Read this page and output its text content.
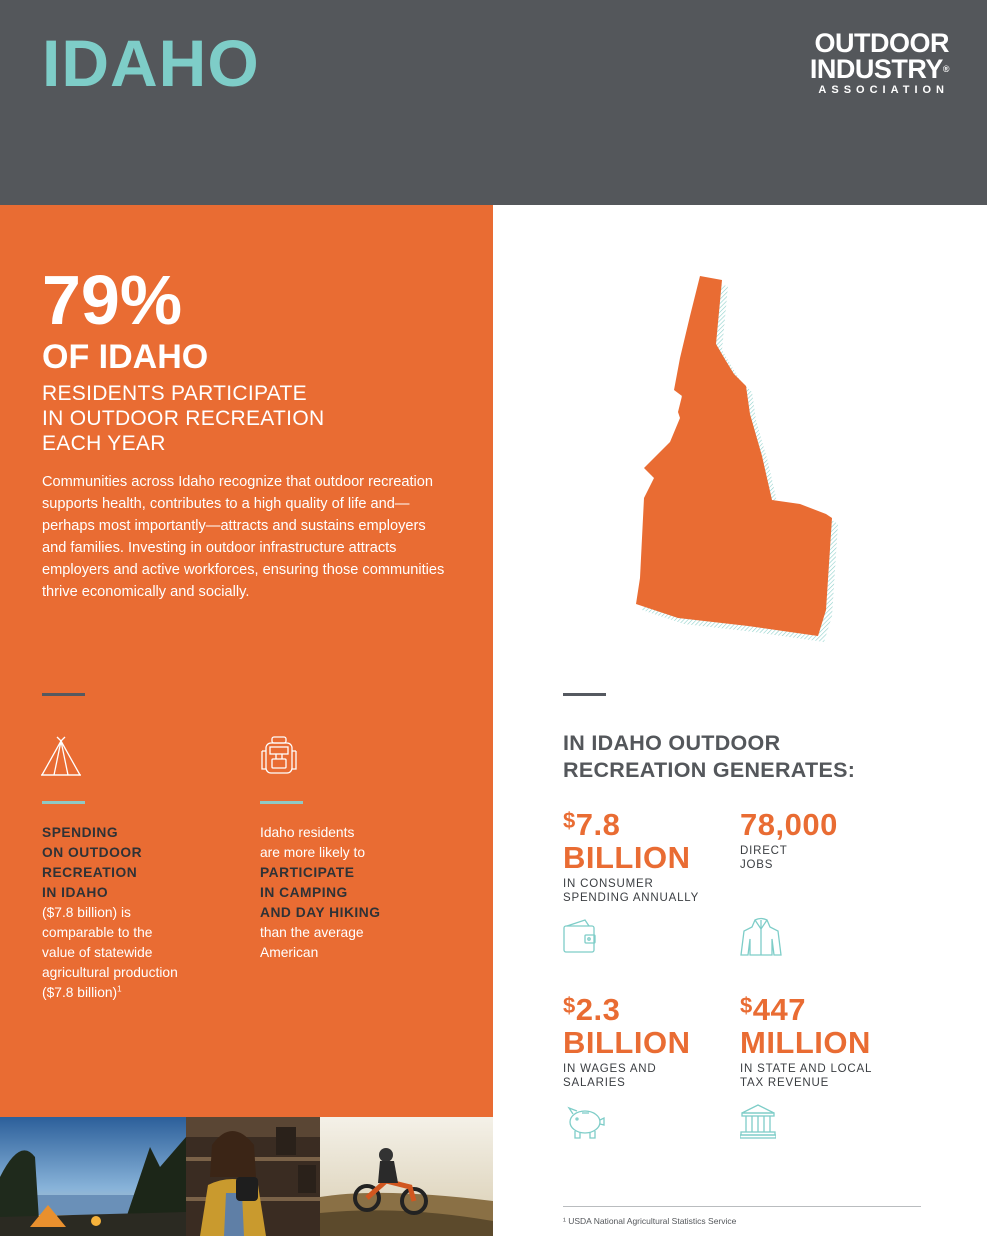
IDAHO	OUTDOOR
INDUSTRY®
ASSOCIATION
79%
OF IDAHO
RESIDENTS PARTICIPATE
IN OUTDOOR RECREATION
EACH YEAR

Communities across Idaho recognize that outdoor recreation supports health, contributes to a high quality of life and—perhaps most importantly—attracts and sustains employers and families. Investing in outdoor infrastructure attracts employers and active workforces, ensuring those communities thrive economically and socially.

SPENDING
ON OUTDOOR
RECREATION
IN IDAHO
($7.8 billion) is
comparable to the
value of statewide
agricultural production
($7.8 billion)$^1$
Idaho residents
are more likely to
PARTICIPATE
IN CAMPING
AND DAY HIKING
than the average
American
IN IDAHO OUTDOOR
RECREATION GENERATES:
$7.8
BILLION
IN CONSUMER
SPENDING ANNUALLY
78,000
DIRECT
JOBS
$2.3
BILLION
IN WAGES AND
SALARIES
$447
MILLION
IN STATE AND LOCAL
TAX REVENUE
¹ USDA National Agricultural Statistics Service
